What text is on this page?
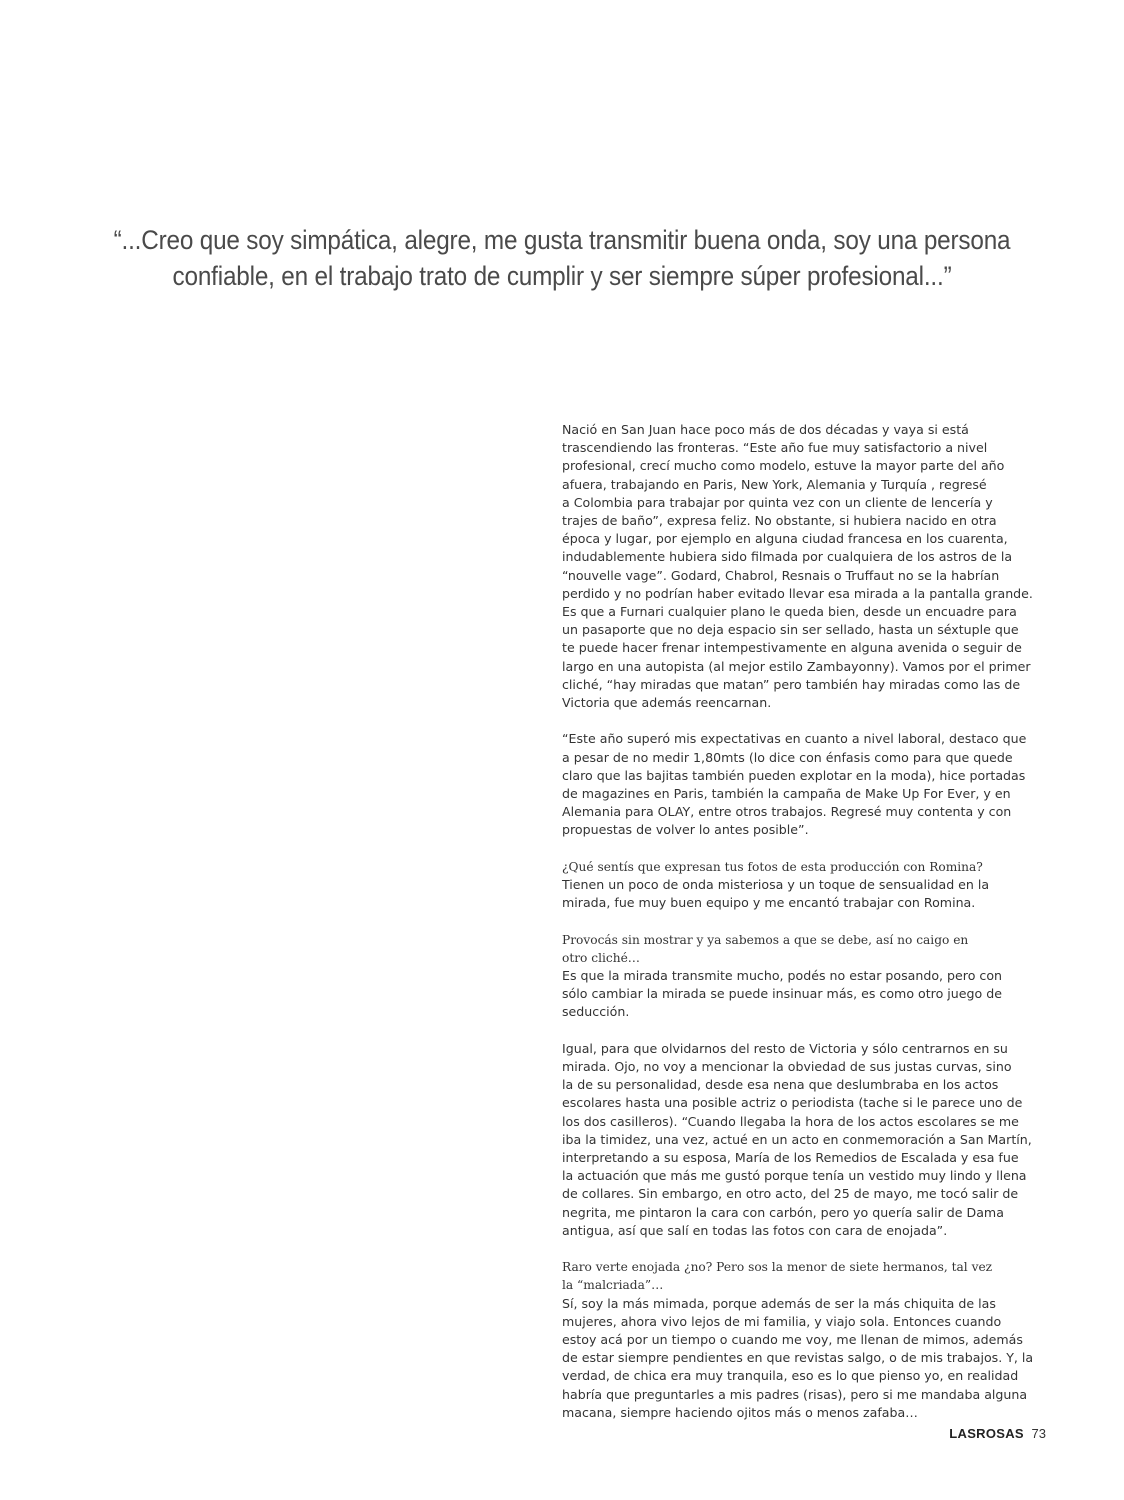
“...Creo que soy simpática, alegre, me gusta transmitir buena onda, soy una persona
confiable, en el trabajo trato de cumplir y ser siempre súper profesional...”

Nació en San Juan hace poco más de dos décadas y vaya si está
trascendiendo las fronteras. “Este año fue muy satisfactorio a nivel
profesional, crecí mucho como modelo, estuve la mayor parte del año
afuera, trabajando en Paris, New York, Alemania y Turquía , regresé
a Colombia para trabajar por quinta vez con un cliente de lencería y
trajes de baño”, expresa feliz. No obstante, si hubiera nacido en otra
época y lugar, por ejemplo en alguna ciudad francesa en los cuarenta,
indudablemente hubiera sido filmada por cualquiera de los astros de la
“nouvelle vage”. Godard, Chabrol, Resnais o Truffaut no se la habrían
perdido y no podrían haber evitado llevar esa mirada a la pantalla grande.
Es que a Furnari cualquier plano le queda bien, desde un encuadre para
un pasaporte que no deja espacio sin ser sellado, hasta un séxtuple que
te puede hacer frenar intempestivamente en alguna avenida o seguir de
largo en una autopista (al mejor estilo Zambayonny). Vamos por el primer
cliché, “hay miradas que matan” pero también hay miradas como las de
Victoria que además reencarnan.

“Este año superó mis expectativas en cuanto a nivel laboral, destaco que
a pesar de no medir 1,80mts (lo dice con énfasis como para que quede
claro que las bajitas también pueden explotar en la moda), hice portadas
de magazines en Paris, también la campaña de Make Up For Ever, y en
Alemania para OLAY, entre otros trabajos. Regresé muy contenta y con
propuestas de volver lo antes posible”.

¿Qué sentís que expresan tus fotos de esta producción con Romina?
Tienen un poco de onda misteriosa y un toque de sensualidad en la
mirada, fue muy buen equipo y me encantó trabajar con Romina.

Provocás sin mostrar y ya sabemos a que se debe, así no caigo en
otro cliché…
Es que la mirada transmite mucho, podés no estar posando, pero con
sólo cambiar la mirada se puede insinuar más, es como otro juego de
seducción.

Igual, para que olvidarnos del resto de Victoria y sólo centrarnos en su
mirada. Ojo, no voy a mencionar la obviedad de sus justas curvas, sino
la de su personalidad, desde esa nena que deslumbraba en los actos
escolares hasta una posible actriz o periodista (tache si le parece uno de
los dos casilleros). “Cuando llegaba la hora de los actos escolares se me
iba la timidez, una vez, actué en un acto en conmemoración a San Martín,
interpretando a su esposa, María de los Remedios de Escalada y esa fue
la actuación que más me gustó porque tenía un vestido muy lindo y llena
de collares. Sin embargo, en otro acto, del 25 de mayo, me tocó salir de
negrita, me pintaron la cara con carbón, pero yo quería salir de Dama
antigua, así que salí en todas las fotos con cara de enojada”.

Raro verte enojada ¿no? Pero sos la menor de siete hermanos, tal vez
la “malcriada”…
Sí, soy la más mimada, porque además de ser la más chiquita de las
mujeres, ahora vivo lejos de mi familia, y viajo sola. Entonces cuando
estoy acá por un tiempo o cuando me voy, me llenan de mimos, además
de estar siempre pendientes en que revistas salgo, o de mis trabajos. Y, la
verdad, de chica era muy tranquila, eso es lo que pienso yo, en realidad
habría que preguntarles a mis padres (risas), pero si me mandaba alguna
macana, siempre haciendo ojitos más o menos zafaba…

LASROSAS 73
